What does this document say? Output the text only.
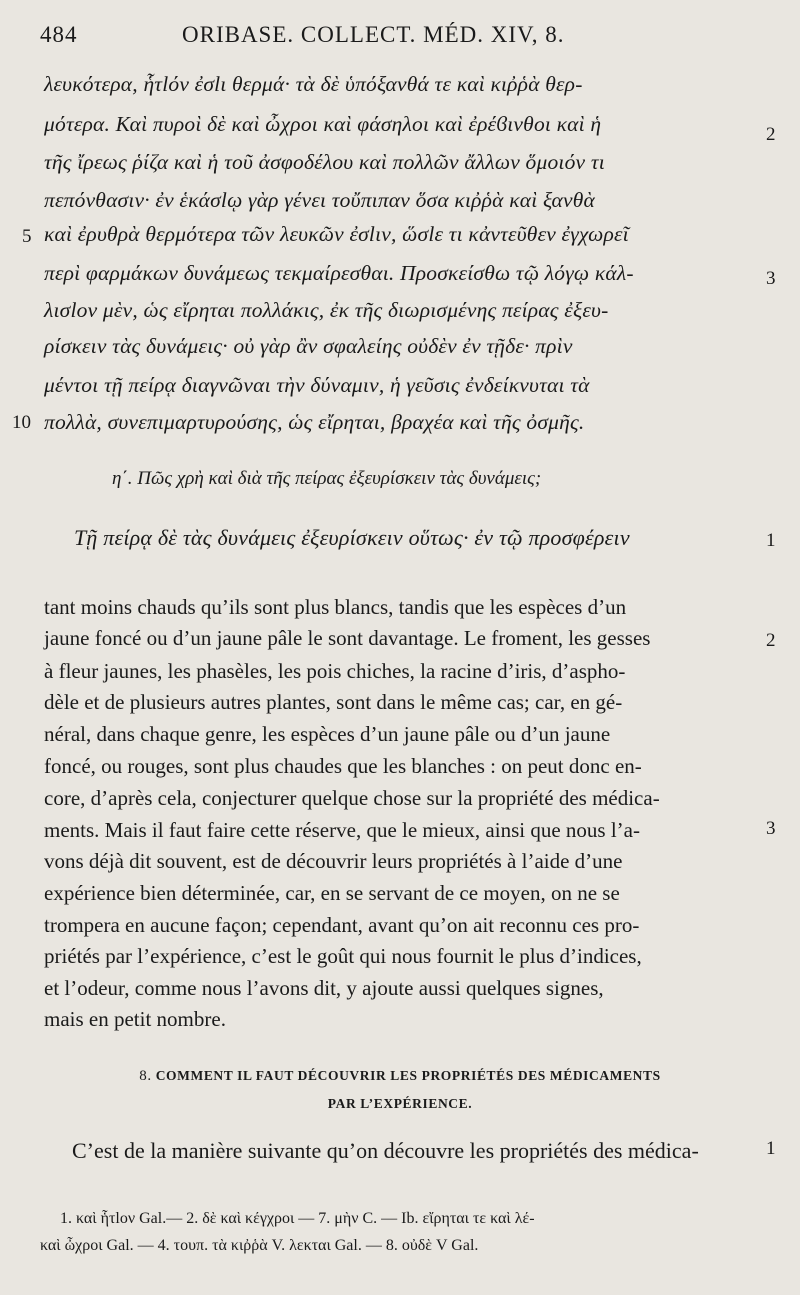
484	ORIBASE. COLLECT. MÉD. XIV, 8.
λευκότερα, ἧτlόν ἐσlι θερμά· τὰ δὲ ὑπόξανθά τε καὶ κιῤῥὰ θερ-
μότερα. Καὶ πυροὶ δὲ καὶ ὦχροι καὶ φάσηλοι καὶ ἐρέϐινθοι καὶ ἡ
τῆς ἴρεως ῥίζα καὶ ἡ τοῦ ἀσφοδέλου καὶ πολλῶν ἄλλων ὅμοιόν τι
πεπόνθασιν· ἐν ἑκάσlῳ γὰρ γένει τοὔπιπαν ὅσα κιῤῥὰ καὶ ξανθὰ
καὶ ἐρυθρὰ θερμότερα τῶν λευκῶν ἐσlιν, ὥσlε τι κἀντεῦθεν ἐγχωρεῖ
περὶ φαρμάκων δυνάμεως τεκμαίρεσθαι. Προσκείσθω τῷ λόγῳ κάλ-
λισlον μὲν, ὡς εἴρηται πολλάκις, ἐκ τῆς διωρισμένης πείρας ἐξευ-
ρίσκειν τὰς δυνάμεις· οὐ γὰρ ἂν σφαλείης οὐδὲν ἐν τῇδε· πρὶν
μέντοι τῇ πείρᾳ διαγνῶναι τὴν δύναμιν, ἡ γεῦσις ἐνδείκνυται τὰ
πολλὰ, συνεπιμαρτυρούσης, ὡς εἴρηται, βραχέα καὶ τῆς ὀσμῆς.
2
5
3
10
η΄. Πῶς χρὴ καὶ διὰ τῆς πείρας ἐξευρίσκειν τὰς δυνάμεις;
Τῇ πείρᾳ δὲ τὰς δυνάμεις ἐξευρίσκειν οὕτως· ἐν τῷ προσφέρειν	1
tant moins chauds qu’ils sont plus blancs, tandis que les espèces d’un
jaune foncé ou d’un jaune pâle le sont davantage. Le froment, les gesses
à fleur jaunes, les phasèles, les pois chiches, la racine d’iris, d’aspho-
dèle et de plusieurs autres plantes, sont dans le même cas; car, en gé-
néral, dans chaque genre, les espèces d’un jaune pâle ou d’un jaune
foncé, ou rouges, sont plus chaudes que les blanches : on peut donc en-
core, d’après cela, conjecturer quelque chose sur la propriété des médica-
ments. Mais il faut faire cette réserve, que le mieux, ainsi que nous l’a-
vons déjà dit souvent, est de découvrir leurs propriétés à l’aide d’une
expérience bien déterminée, car, en se servant de ce moyen, on ne se
trompera en aucune façon; cependant, avant qu’on ait reconnu ces pro-
priétés par l’expérience, c’est le goût qui nous fournit le plus d’indices,
et l’odeur, comme nous l’avons dit, y ajoute aussi quelques signes,
mais en petit nombre.
2
3
8. COMMENT IL FAUT DÉCOUVRIR LES PROPRIÉTÉS DES MÉDICAMENTS
PAR L’EXPÉRIENCE.
C’est de la manière suivante qu’on découvre les propriétés des médica-	1
1. καὶ ἧτlον Gal.— 2. δὲ καὶ κέγχροι — 7. μὴν C. — Ib. εἴρηται τε καὶ λέ-
καὶ ὦχροι Gal. — 4. τουπ. τὰ κιῤῥὰ V. λεκται Gal. — 8. οὐδὲ V Gal.
